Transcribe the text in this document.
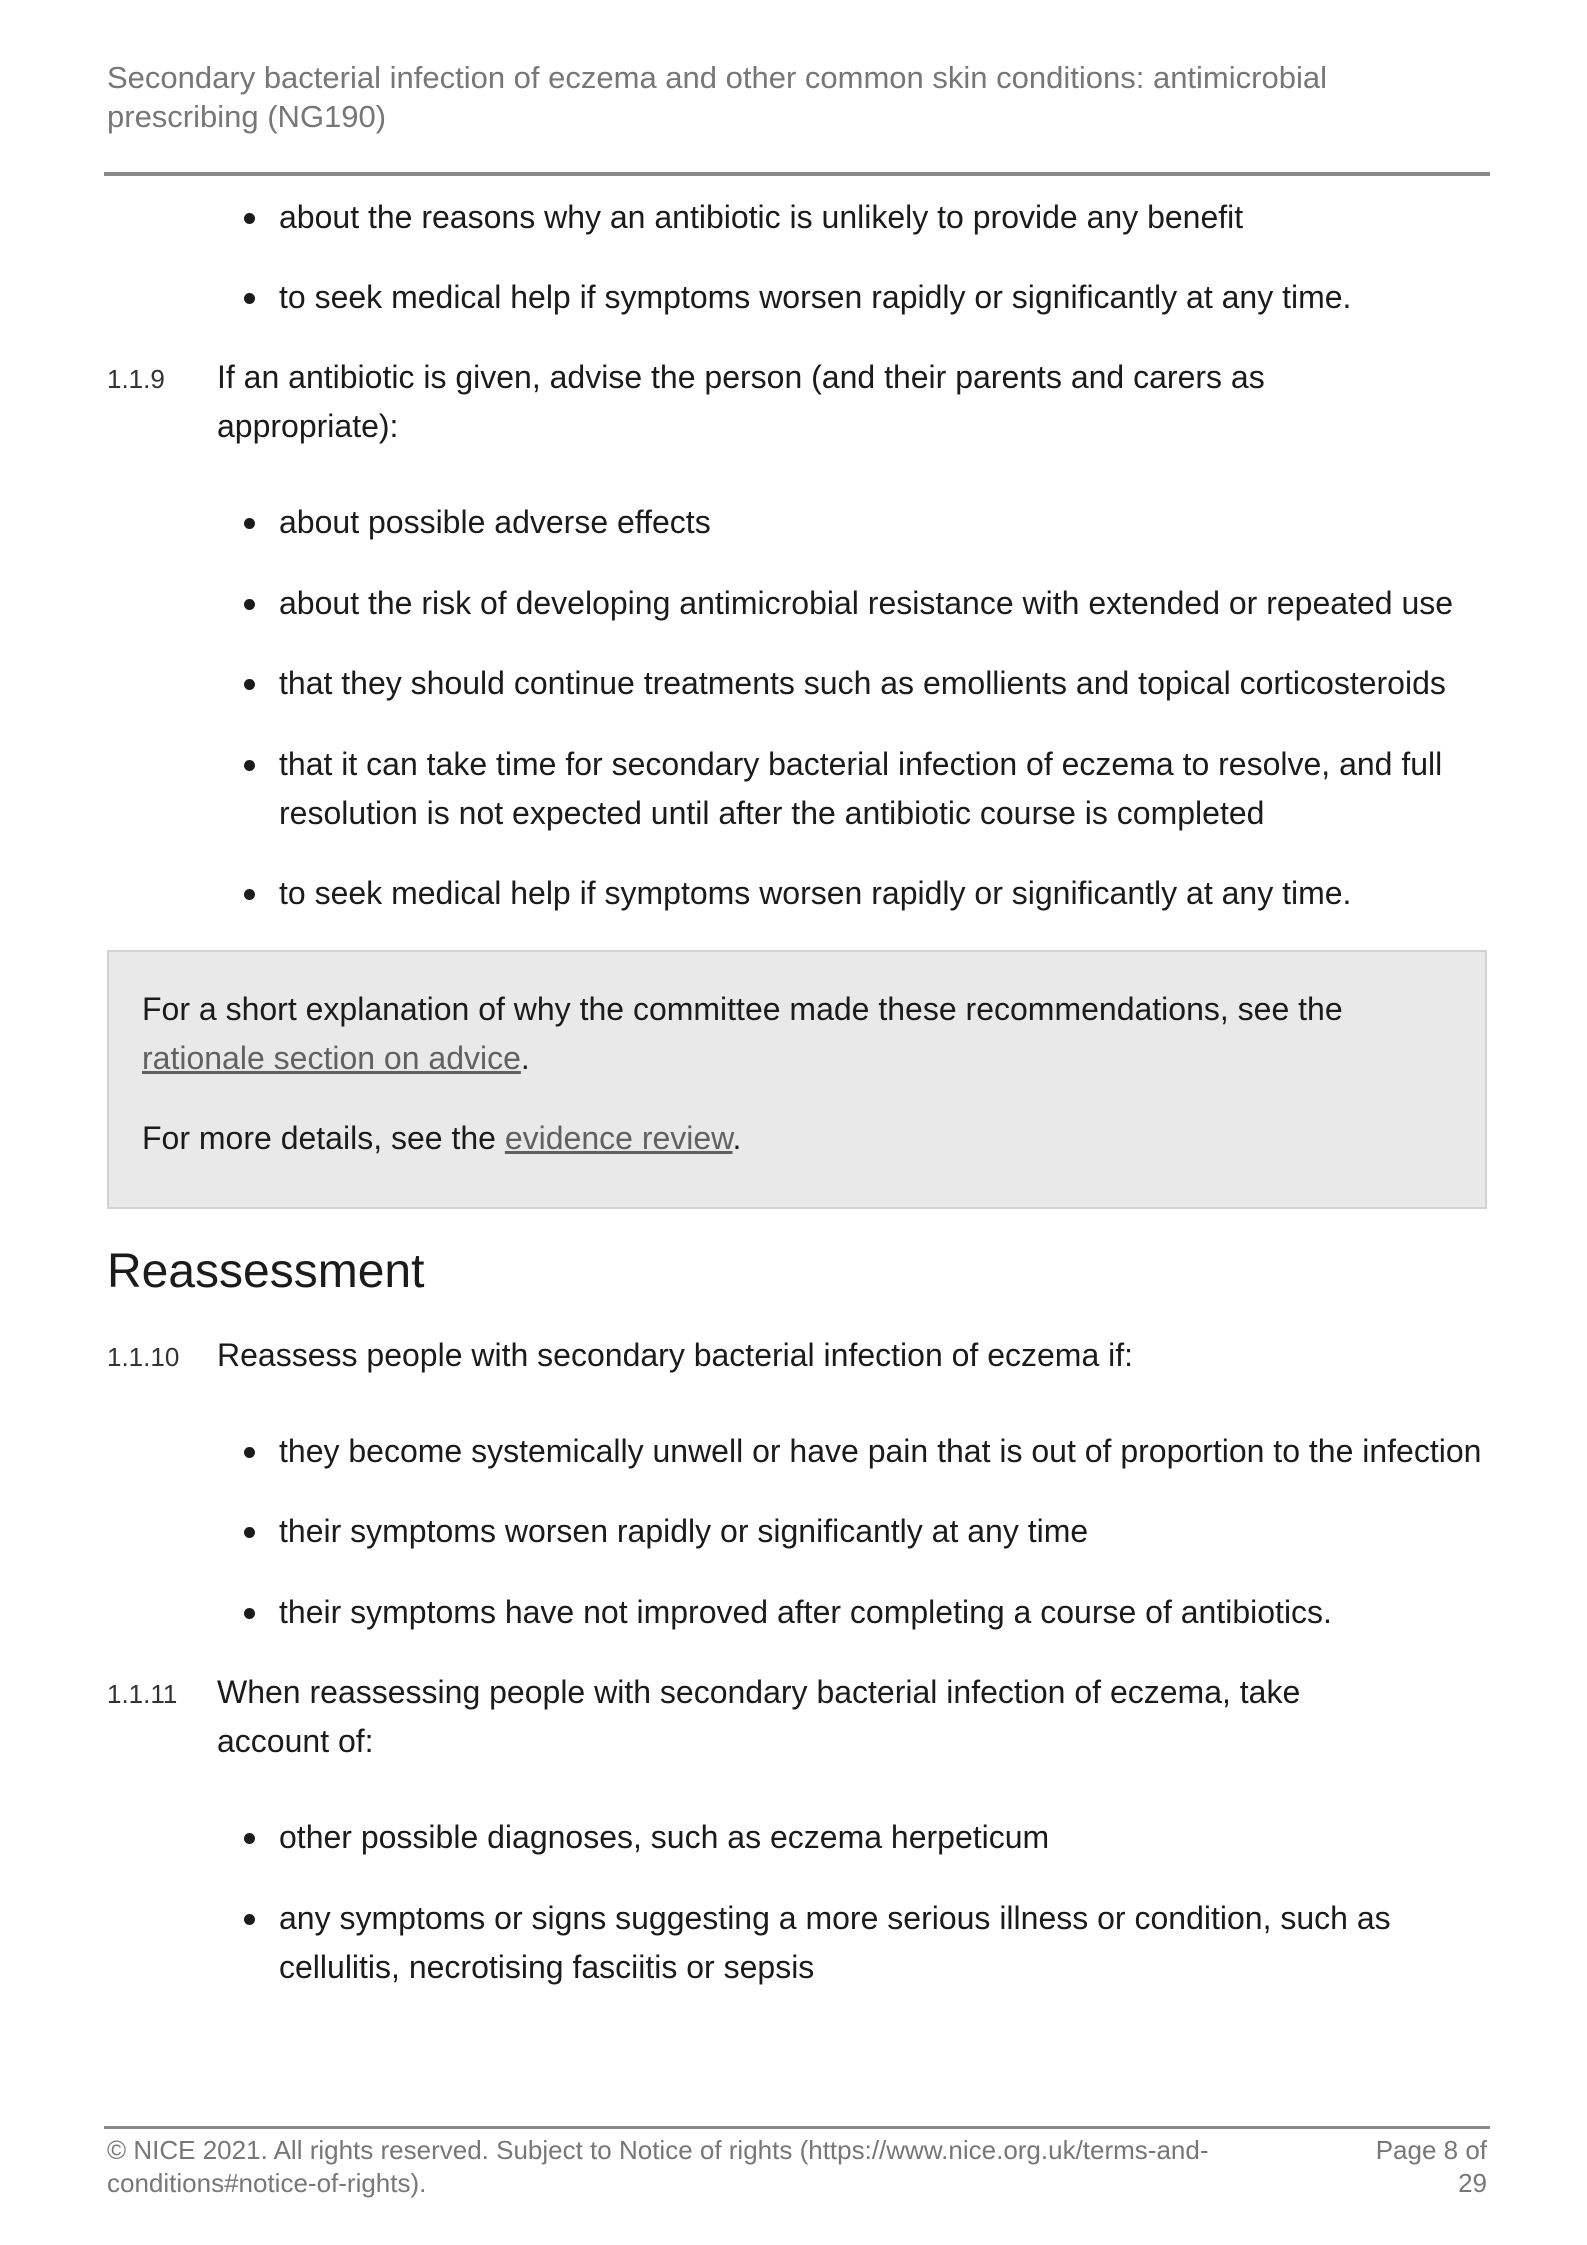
Secondary bacterial infection of eczema and other common skin conditions: antimicrobial prescribing (NG190)
about the reasons why an antibiotic is unlikely to provide any benefit
to seek medical help if symptoms worsen rapidly or significantly at any time.
1.1.9 If an antibiotic is given, advise the person (and their parents and carers as appropriate):
about possible adverse effects
about the risk of developing antimicrobial resistance with extended or repeated use
that they should continue treatments such as emollients and topical corticosteroids
that it can take time for secondary bacterial infection of eczema to resolve, and full resolution is not expected until after the antibiotic course is completed
to seek medical help if symptoms worsen rapidly or significantly at any time.
For a short explanation of why the committee made these recommendations, see the rationale section on advice.
For more details, see the evidence review.
Reassessment
1.1.10 Reassess people with secondary bacterial infection of eczema if:
they become systemically unwell or have pain that is out of proportion to the infection
their symptoms worsen rapidly or significantly at any time
their symptoms have not improved after completing a course of antibiotics.
1.1.11 When reassessing people with secondary bacterial infection of eczema, take account of:
other possible diagnoses, such as eczema herpeticum
any symptoms or signs suggesting a more serious illness or condition, such as cellulitis, necrotising fasciitis or sepsis
© NICE 2021. All rights reserved. Subject to Notice of rights (https://www.nice.org.uk/terms-and-conditions#notice-of-rights).
Page 8 of 29
